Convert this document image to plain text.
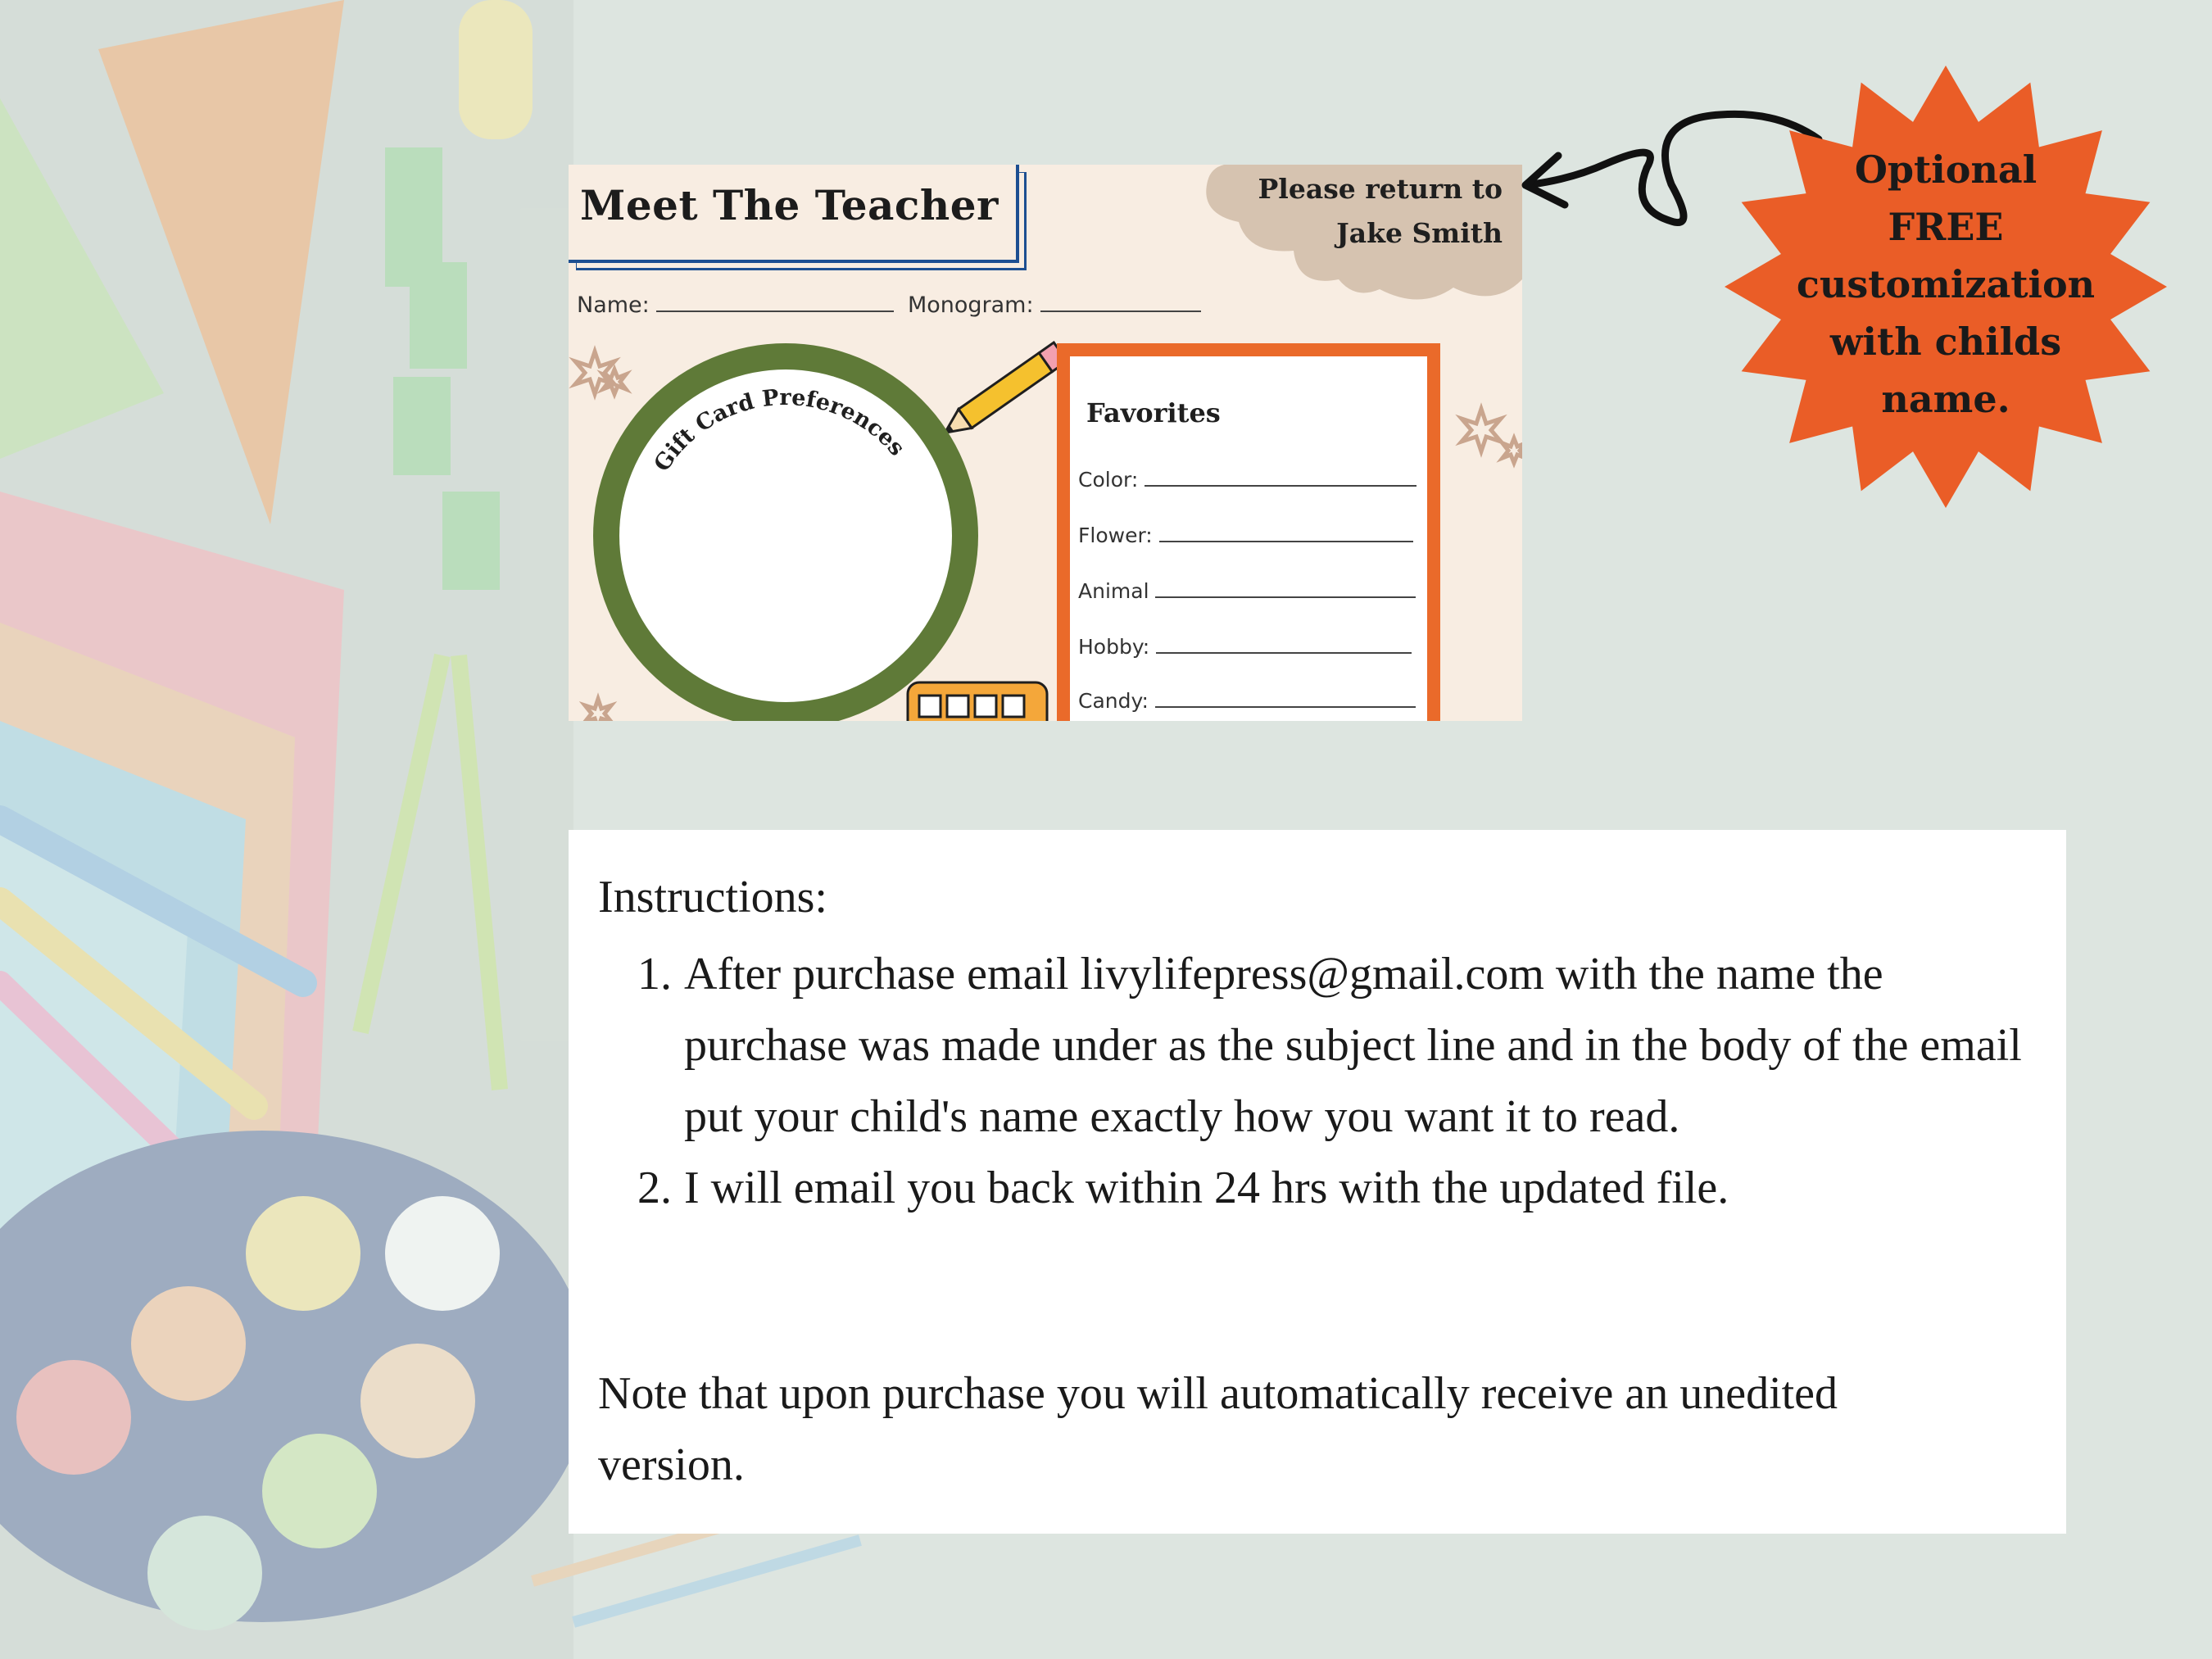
Meet The Teacher	Please return to
Jake Smith
Name:	Monogram:
Gift Card Preferences
Favorites
Color:
Flower:
Animal
Hobby:
Candy:
Optional
FREE
customization
with childs
name.
Instructions:
1. After purchase email livylifepress@gmail.com with the name the purchase was made under as the subject line and in the body of the email put your child's name exactly how you want it to read.
2. I will email you back within 24 hrs with the updated file.
Note that upon purchase you will automatically receive an unedited version.
